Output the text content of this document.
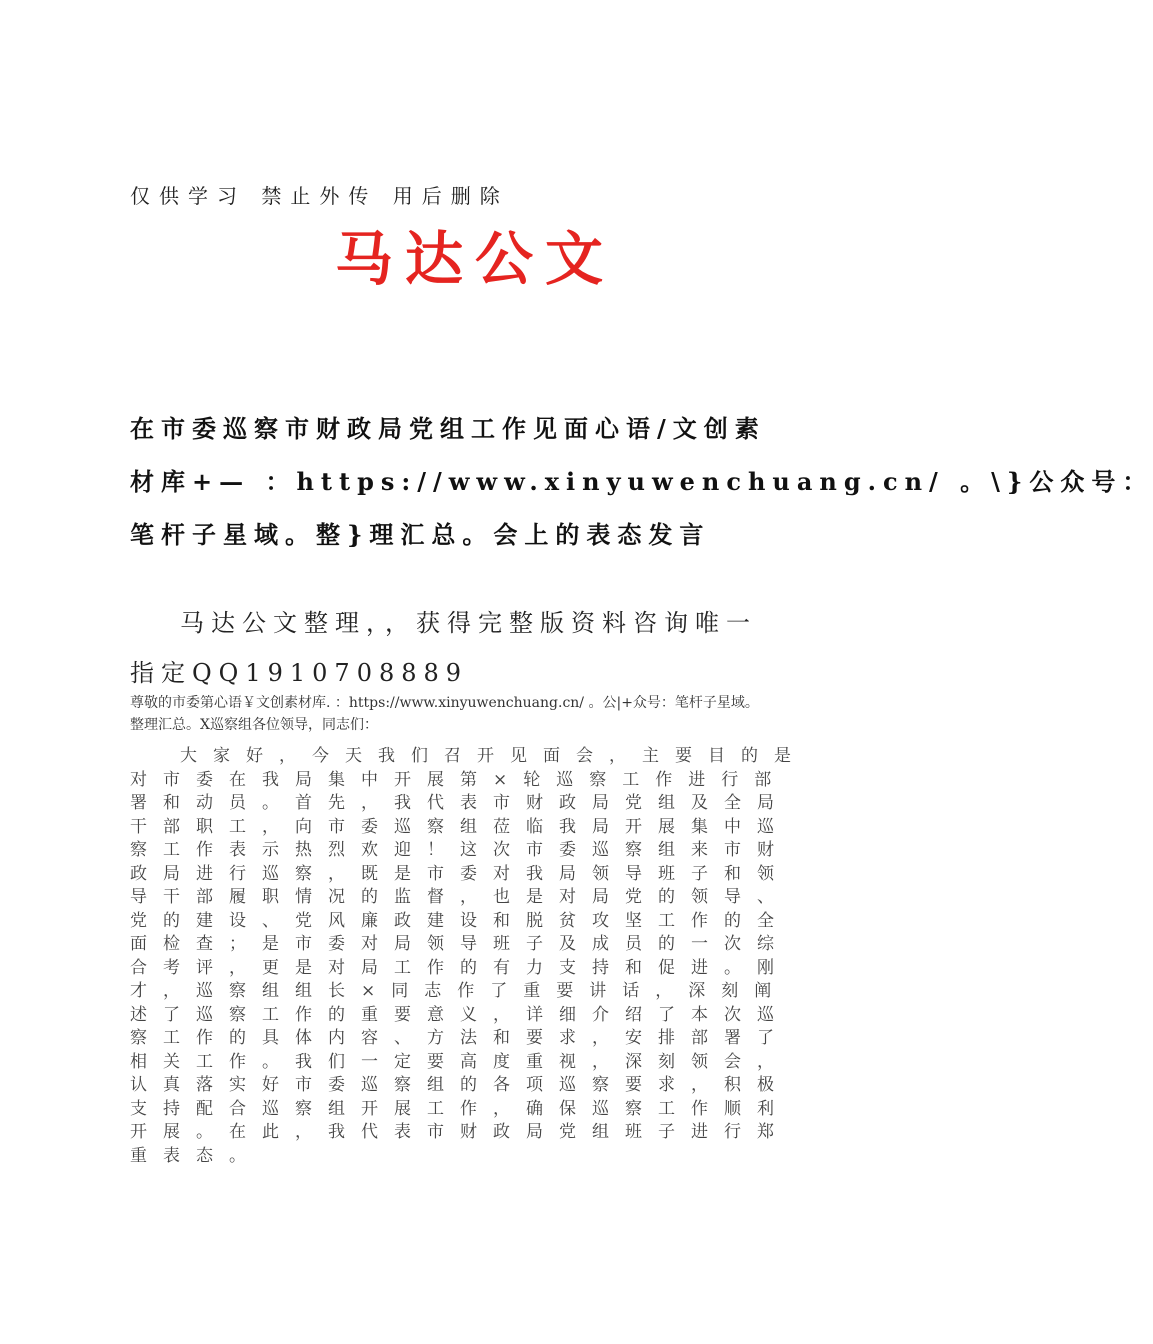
仅供学习 禁止外传 用后删除
马达公文
在市委巡察市财政局党组工作见面心语/文创素
材库+— ：https://www.xinyuwenchuang.cn/ 。\}公众号：
笔杆子星域。整}理汇总。会上的表态发言
马达公文整理，，获得完整版资料咨询唯一
指定QQ1910708889
尊敬的市委第心语￥文创素材库. ：https://www.xinyuwenchuang.cn/ 。公|+众号：笔杆子星域。
整理汇总。X巡察组各位领导，同志们：
大家好，今天我们召开见面会，主要目的是
对市委在我局集中开展第×轮巡察工作进行部
署和动员。首先，我代表市财政局党组及全局
干部职工，向市委巡察组莅临我局开展集中巡
察工作表示热烈欢迎！这次市委巡察组来市财
政局进行巡察，既是市委对我局领导班子和领
导干部履职情况的监督，也是对局党的领导、
党的建设、党风廉政建设和脱贫攻坚工作的全
面检查；是市委对局领导班子及成员的一次综
合考评，更是对局工作的有力支持和促进。刚
才，巡察组组长×同志作了重要讲话，深刻阐
述了巡察工作的重要意义，详细介绍了本次巡
察工作的具体内容、方法和要求，安排部署了
相关工作。我们一定要高度重视，深刻领会，
认真落实好市委巡察组的各项巡察要求，积极
支持配合巡察组开展工作，确保巡察工作顺利
开展。在此，我代表市财政局党组班子进行郑
重表态。
